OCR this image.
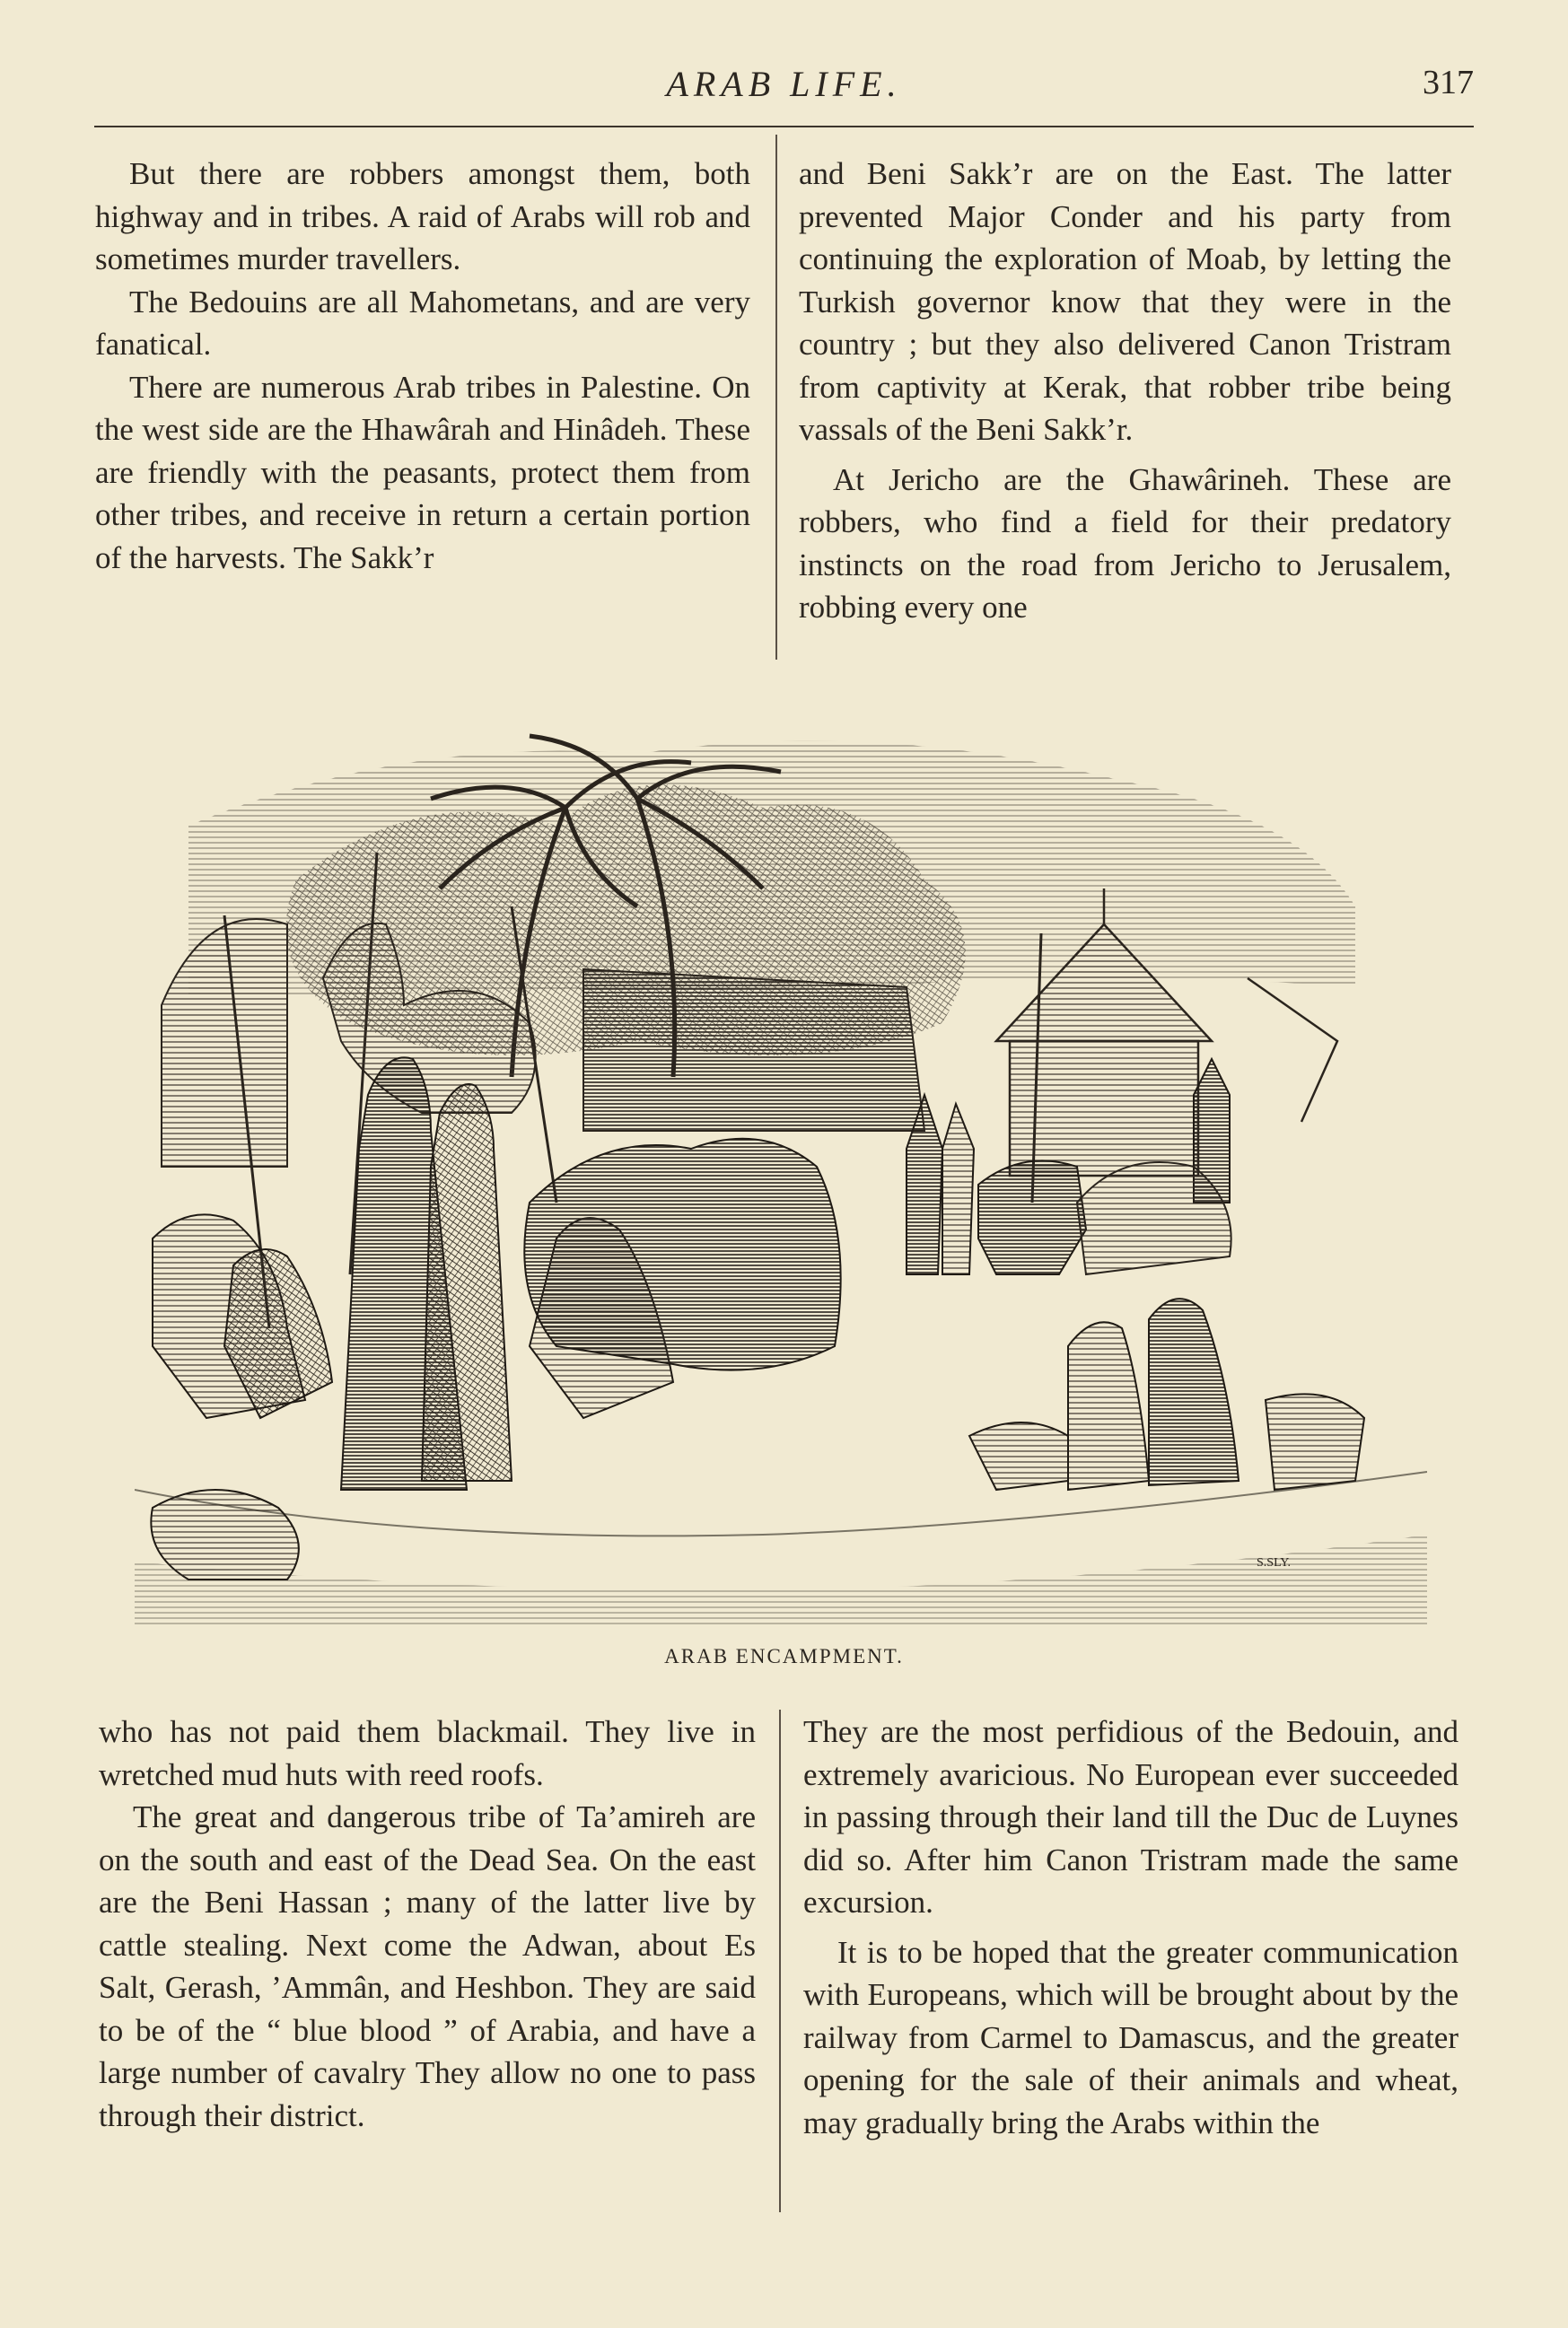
ARAB LIFE.	317

But there are robbers amongst them, both highway and in tribes. A raid of Arabs will rob and sometimes murder travellers.

The Bedouins are all Mahometans, and are very fanatical.

There are numerous Arab tribes in Palestine. On the west side are the Hhawârah and Hinâdeh. These are friendly with the peasants, protect them from other tribes, and receive in return a certain portion of the harvests. The Sakk’r

and Beni Sakk’r are on the East. The latter prevented Major Conder and his party from continuing the exploration of Moab, by letting the Turkish governor know that they were in the country ; but they also delivered Canon Tristram from captivity at Kerak, that robber tribe being vassals of the Beni Sakk’r.

At Jericho are the Ghawârineh. These are robbers, who find a field for their predatory instincts on the road from Jericho to Jerusalem, robbing every one

S.SLY.
ARAB ENCAMPMENT.

who has not paid them blackmail. They live in wretched mud huts with reed roofs.

The great and dangerous tribe of Ta’amireh are on the south and east of the Dead Sea. On the east are the Beni Hassan ; many of the latter live by cattle stealing. Next come the Adwan, about Es Salt, Gerash, ’Ammân, and Heshbon. They are said to be of the “ blue blood ” of Arabia, and have a large number of cavalry They allow no one to pass through their district.

They are the most perfidious of the Bedouin, and extremely avaricious. No European ever succeeded in passing through their land till the Duc de Luynes did so. After him Canon Tristram made the same excursion.

It is to be hoped that the greater communication with Europeans, which will be brought about by the railway from Carmel to Damascus, and the greater opening for the sale of their animals and wheat, may gradually bring the Arabs within the
